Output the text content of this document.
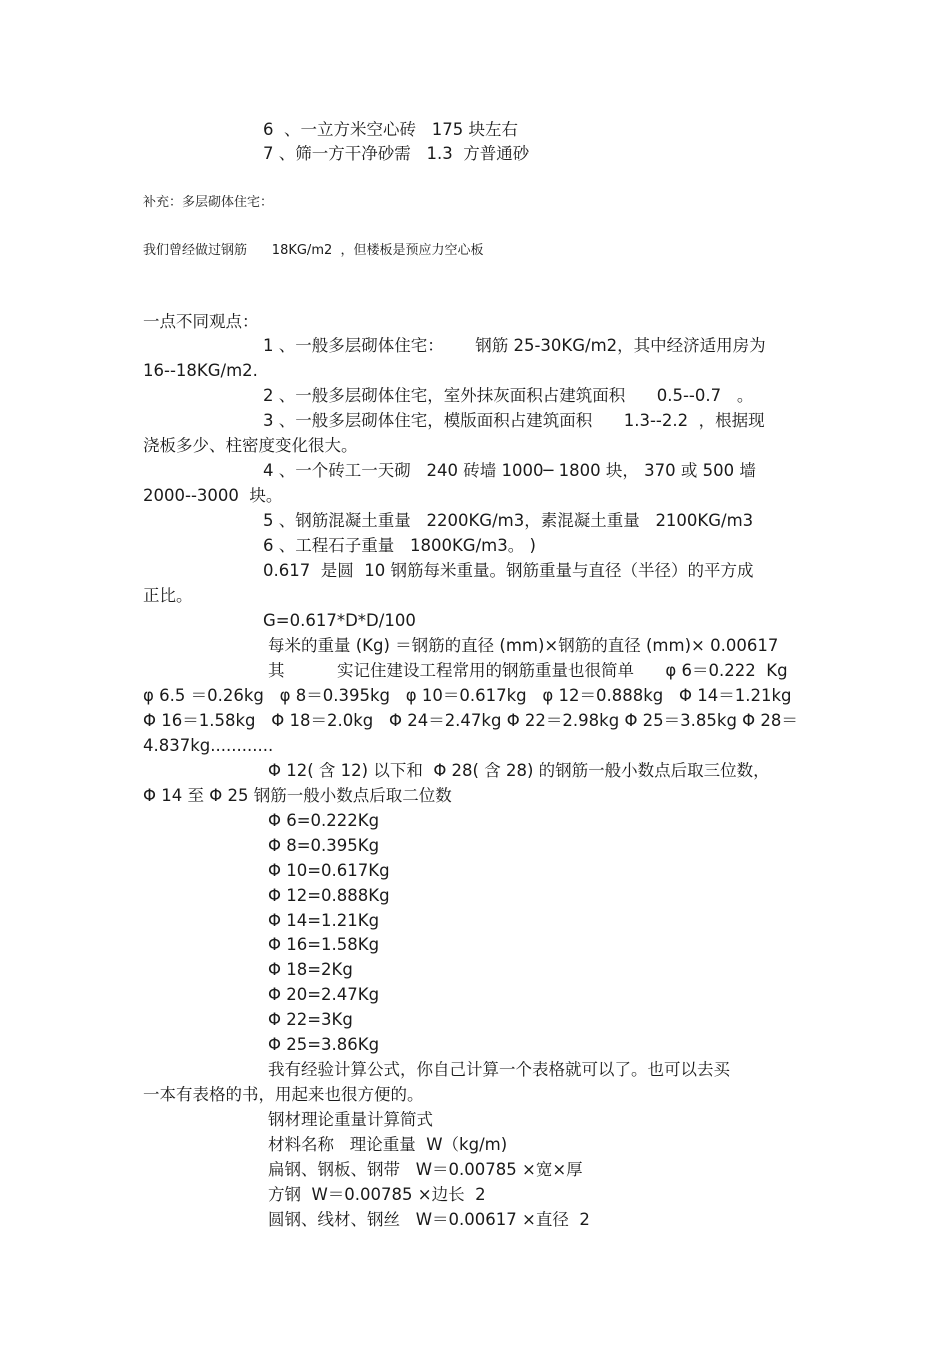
6  、一立方米空心砖   175 块左右
7 、筛一方干净砂需   1.3  方普通砂
补充：多层砌体住宅：
我们曾经做过钢筋      18KG/m2  ，但楼板是预应力空心板
一点不同观点：
1 、一般多层砌体住宅：      钢筋 25-30KG/m2，其中经济适用房为
16--18KG/m2.
2 、一般多层砌体住宅，室外抹灰面积占建筑面积      0.5--0.7   。
3 、一般多层砌体住宅，模版面积占建筑面积      1.3--2.2  ，根据现
浇板多少、柱密度变化很大。
4 、一个砖工一天砌   240 砖墙 1000─ 1800 块， 370 或 500 墙
2000--3000  块。
5 、钢筋混凝土重量   2200KG/m3，素混凝土重量   2100KG/m3
6 、工程石子重量   1800KG/m3。 )
0.617  是圆  10 钢筋每米重量。钢筋重量与直径（半径）的平方成
正比。
G=0.617*D*D/100
每米的重量 (Kg) ＝钢筋的直径 (mm)×钢筋的直径 (mm)× 0.00617
其          实记住建设工程常用的钢筋重量也很简单      φ 6＝0.222  Kg
φ 6.5 ＝0.26kg   φ 8＝0.395kg   φ 10＝0.617kg   φ 12＝0.888kg   Φ 14＝1.21kg
Φ 16＝1.58kg   Φ 18＝2.0kg   Φ 24＝2.47kg Φ 22＝2.98kg Φ 25＝3.85kg Φ 28＝
4.837kg............
Φ 12( 含 12) 以下和  Φ 28( 含 28) 的钢筋一般小数点后取三位数，
Φ 14 至 Φ 25 钢筋一般小数点后取二位数
Φ 6=0.222Kg
Φ 8=0.395Kg
Φ 10=0.617Kg
Φ 12=0.888Kg
Φ 14=1.21Kg
Φ 16=1.58Kg
Φ 18=2Kg
Φ 20=2.47Kg
Φ 22=3Kg
Φ 25=3.86Kg
我有经验计算公式，你自己计算一个表格就可以了。也可以去买
一本有表格的书，用起来也很方便的。
钢材理论重量计算简式
材料名称   理论重量  W（kg/m)
扁钢、钢板、钢带   W＝0.00785 ×宽×厚
方钢  W＝0.00785 ×边长  2
圆钢、线材、钢丝   W＝0.00617 ×直径  2
